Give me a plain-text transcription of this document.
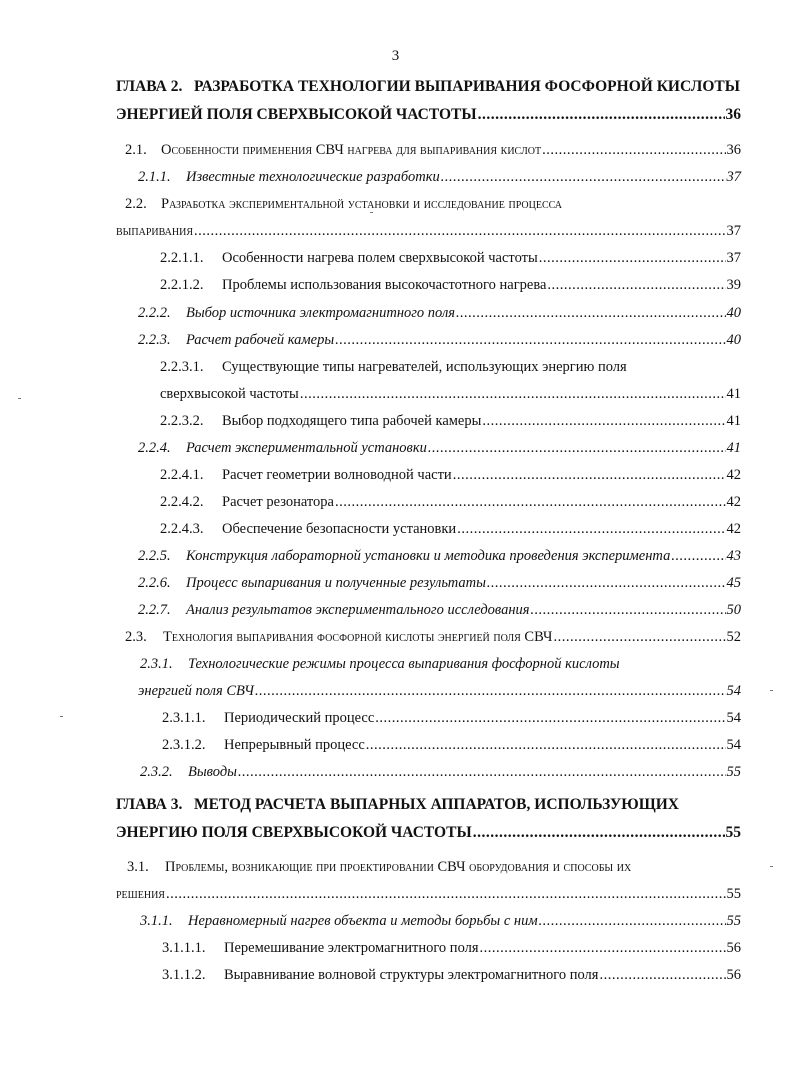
3
ГЛАВА 2. РАЗРАБОТКА ТЕХНОЛОГИИ ВЫПАРИВАНИЯ ФОСФОРНОЙ КИСЛОТЫ
ЭНЕРГИЕЙ ПОЛЯ СВЕРХВЫСОКОЙ ЧАСТОТЫ .....	36
2.1. Особенности применения СВЧ нагрева для выпаривания кислот .....	36
2.1.1.	Известные технологические разработки .....	37
2.2. Разработка экспериментальной установки и исследование процесса
выпаривания .....	37
2.2.1.1.	Особенности нагрева полем сверхвысокой частоты .....	37
2.2.1.2.	Проблемы использования высокочастотного нагрева .....	39
2.2.2.	Выбор источника электромагнитного поля .....	40
2.2.3.	Расчет рабочей камеры .....	40
2.2.3.1. Существующие типы нагревателей, использующих энергию поля
сверхвысокой частоты .....	41
2.2.3.2.	Выбор подходящего типа рабочей камеры .....	41
2.2.4.	Расчет экспериментальной установки .....	41
2.2.4.1.	Расчет геометрии волноводной части .....	42
2.2.4.2.	Расчет резонатора .....	42
2.2.4.3.	Обеспечение безопасности установки .....	42
2.2.5.	Конструкция лабораторной установки и методика проведения эксперимента .....	43
2.2.6.	Процесс выпаривания и полученные результаты .....	45
2.2.7.	Анализ результатов экспериментального исследования .....	50
2.3.	Технология выпаривания фосфорной кислоты энергией поля СВЧ .....	52
2.3.1. Технологические режимы процесса выпаривания фосфорной кислоты
энергией поля СВЧ .....	54
2.3.1.1.	Периодический процесс .....	54
2.3.1.2.	Непрерывный процесс .....	54
2.3.2.	Выводы .....	55
ГЛАВА 3. МЕТОД РАСЧЕТА ВЫПАРНЫХ АППАРАТОВ, ИСПОЛЬЗУЮЩИХ
ЭНЕРГИЮ ПОЛЯ СВЕРХВЫСОКОЙ ЧАСТОТЫ .....	55
3.1. Проблемы, возникающие при проектировании СВЧ оборудования и способы их
решения .....	55
3.1.1.	Неравномерный нагрев объекта и методы борьбы с ним .....	55
3.1.1.1.	Перемешивание электромагнитного поля .....	56
3.1.1.2.	Выравнивание волновой структуры электромагнитного поля .....	56
